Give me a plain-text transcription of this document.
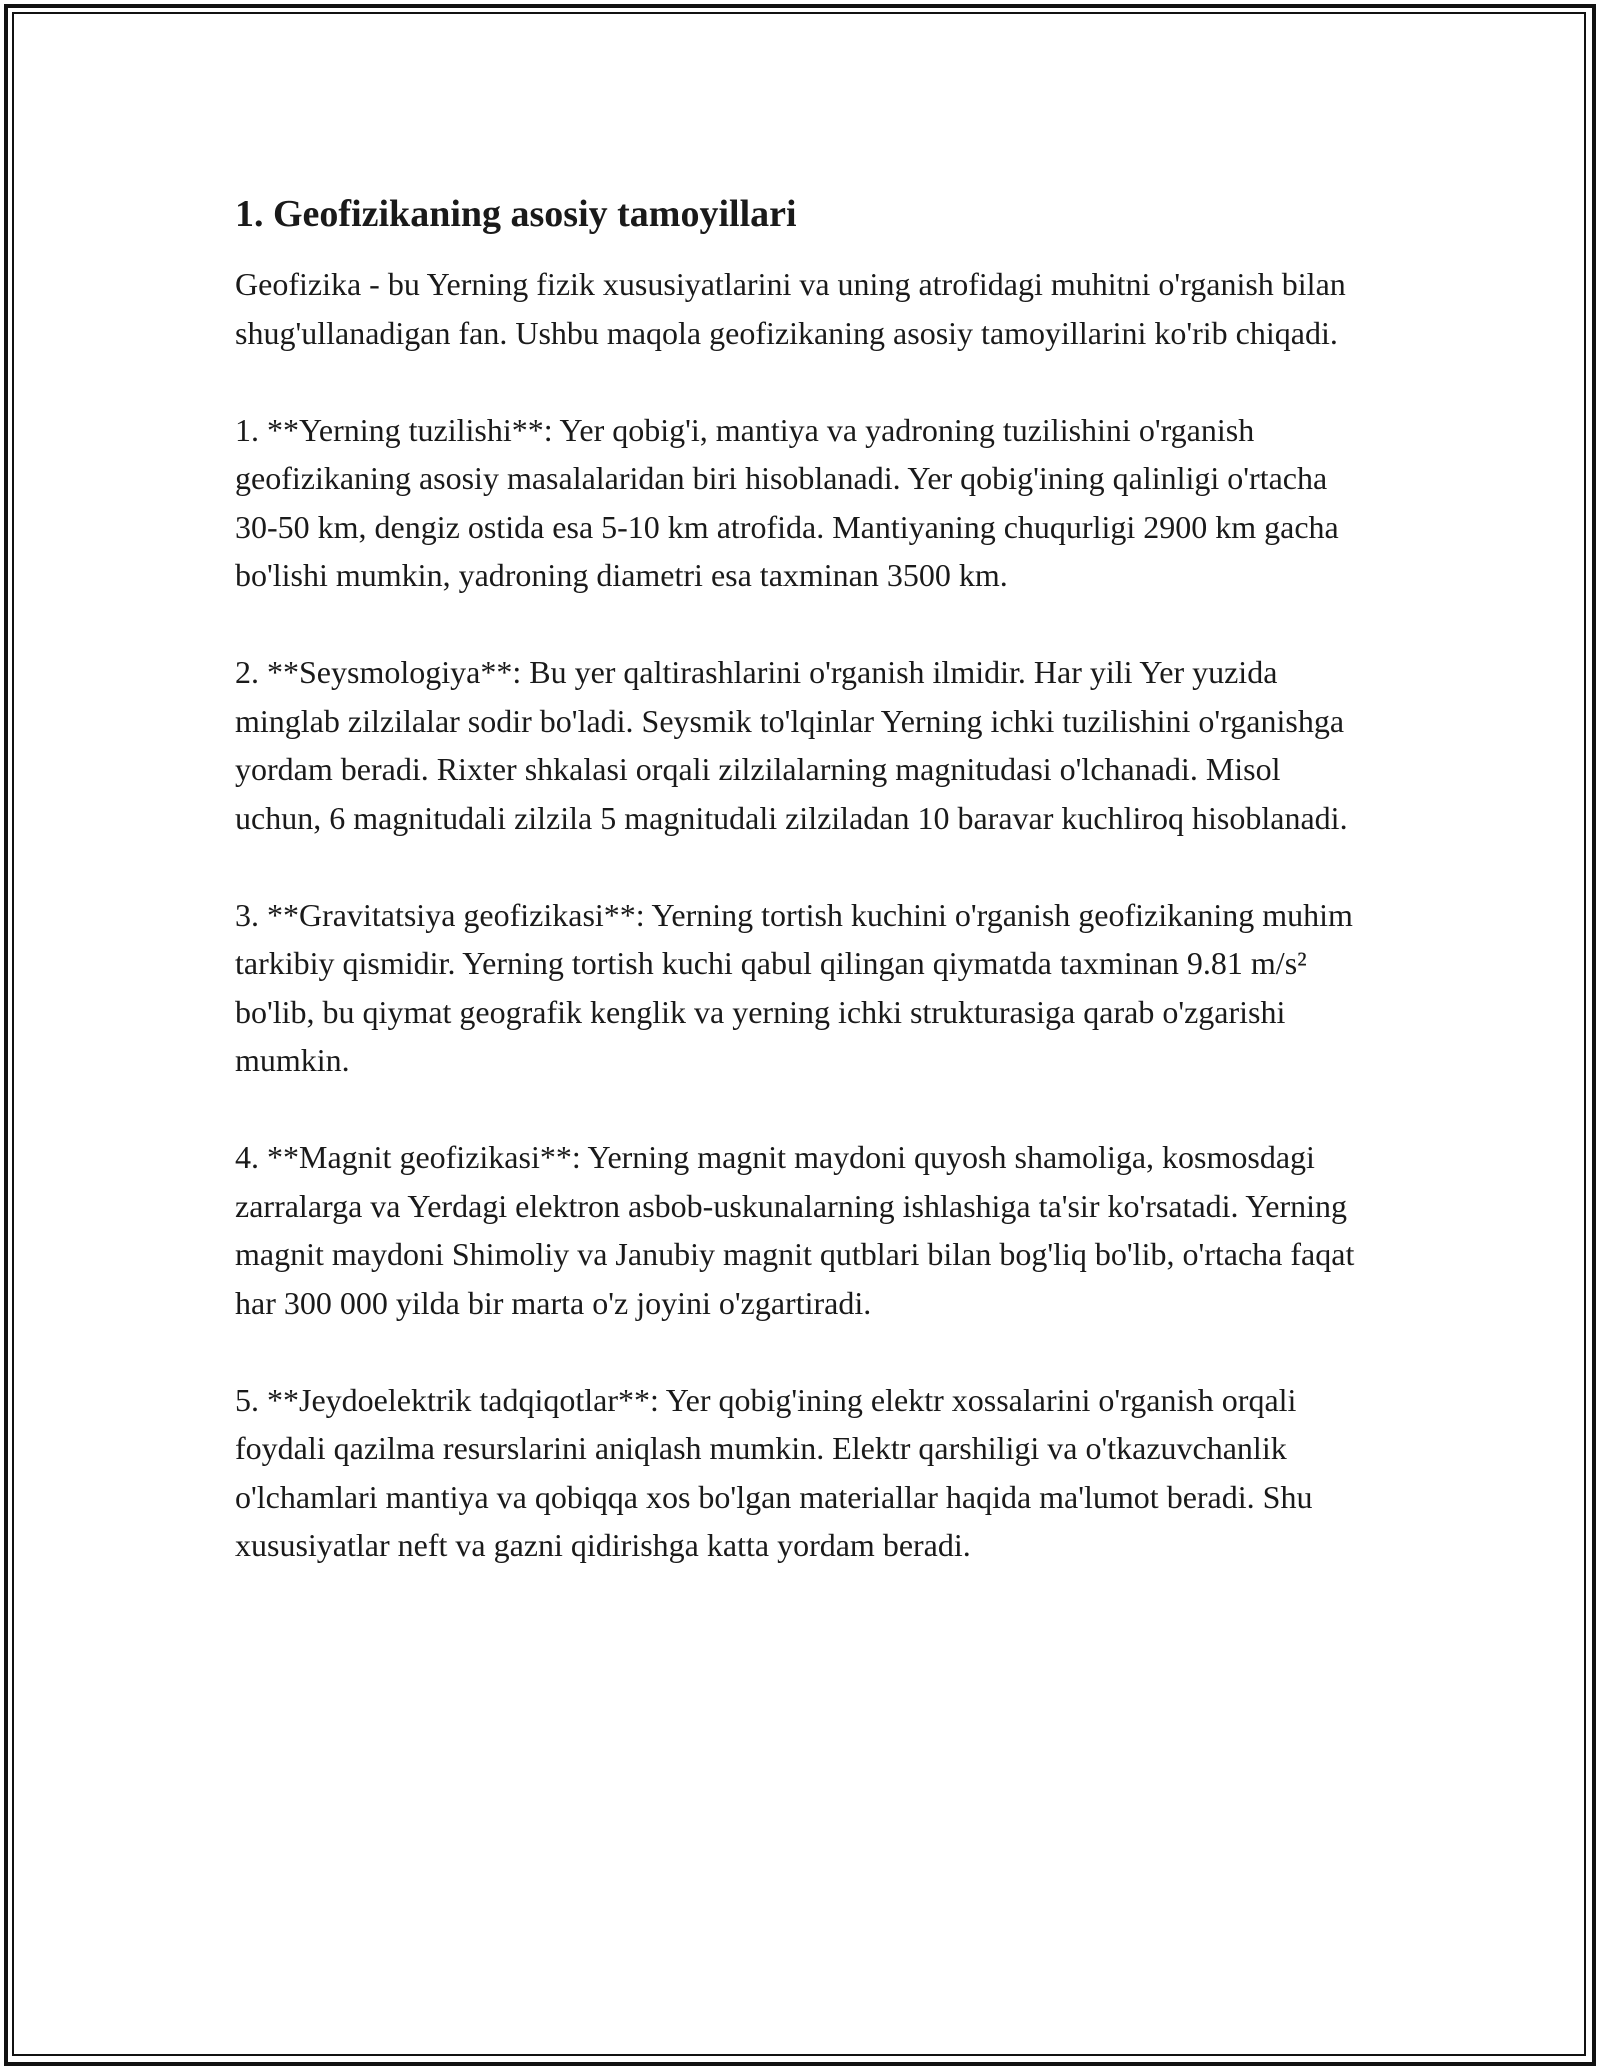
1. Geofizikaning asosiy tamoyillari

Geofizika - bu Yerning fizik xususiyatlarini va uning atrofidagi muhitni o'rganish bilan shug'ullanadigan fan. Ushbu maqola geofizikaning asosiy tamoyillarini ko'rib chiqadi.

1. **Yerning tuzilishi**: Yer qobig'i, mantiya va yadroning tuzilishini o'rganish geofizikaning asosiy masalalaridan biri hisoblanadi. Yer qobig'ining qalinligi o'rtacha 30-50 km, dengiz ostida esa 5-10 km atrofida. Mantiyaning chuqurligi 2900 km gacha bo'lishi mumkin, yadroning diametri esa taxminan 3500 km.

2. **Seysmologiya**: Bu yer qaltirashlarini o'rganish ilmidir. Har yili Yer yuzida minglab zilzilalar sodir bo'ladi. Seysmik to'lqinlar Yerning ichki tuzilishini o'rganishga yordam beradi. Rixter shkalasi orqali zilzilalarning magnitudasi o'lchanadi. Misol uchun, 6 magnitudali zilzila 5 magnitudali zilziladan 10 baravar kuchliroq hisoblanadi.

3. **Gravitatsiya geofizikasi**: Yerning tortish kuchini o'rganish geofizikaning muhim tarkibiy qismidir. Yerning tortish kuchi qabul qilingan qiymatda taxminan 9.81 m/s² bo'lib, bu qiymat geografik kenglik va yerning ichki strukturasiga qarab o'zgarishi mumkin.

4. **Magnit geofizikasi**: Yerning magnit maydoni quyosh shamoliga, kosmosdagi zarralarga va Yerdagi elektron asbob-uskunalarning ishlashiga ta'sir ko'rsatadi. Yerning magnit maydoni Shimoliy va Janubiy magnit qutblari bilan bog'liq bo'lib, o'rtacha faqat har 300 000 yilda bir marta o'z joyini o'zgartiradi.

5. **Jeydoelektrik tadqiqotlar**: Yer qobig'ining elektr xossalarini o'rganish orqali foydali qazilma resurslarini aniqlash mumkin. Elektr qarshiligi va o'tkazuvchanlik o'lchamlari mantiya va qobiqqa xos bo'lgan materiallar haqida ma'lumot beradi. Shu xususiyatlar neft va gazni qidirishga katta yordam beradi.
